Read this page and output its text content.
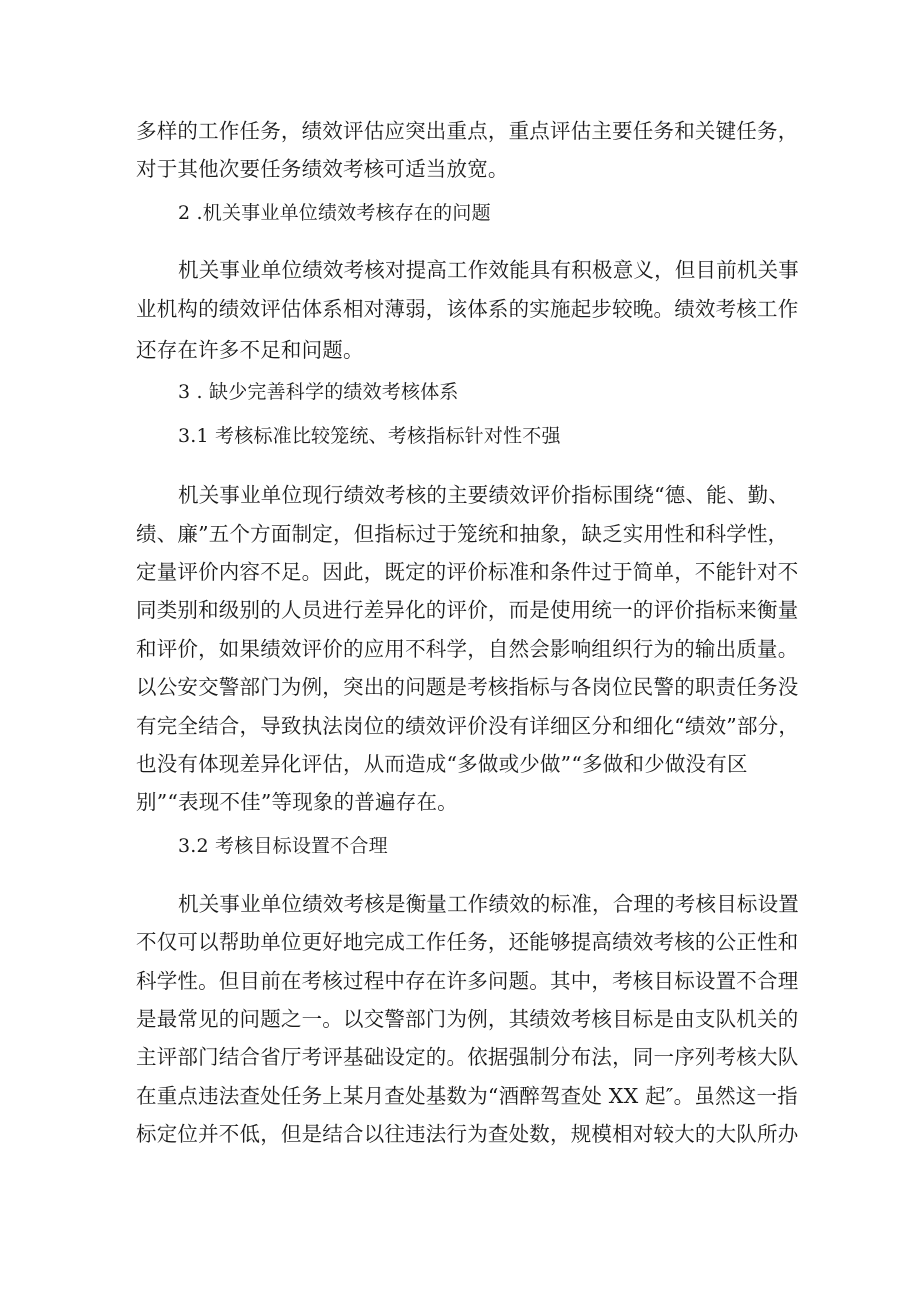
多样的工作任务，绩效评估应突出重点，重点评估主要任务和关键任务，
对于其他次要任务绩效考核可适当放宽。
2 .机关事业单位绩效考核存在的问题
机关事业单位绩效考核对提高工作效能具有积极意义，但目前机关事
业机构的绩效评估体系相对薄弱，该体系的实施起步较晚。绩效考核工作
还存在许多不足和问题。
3 . 缺少完善科学的绩效考核体系
3.1 考核标准比较笼统、考核指标针对性不强
机关事业单位现行绩效考核的主要绩效评价指标围绕“德、能、勤、
绩、廉”五个方面制定，但指标过于笼统和抽象，缺乏实用性和科学性，
定量评价内容不足。因此，既定的评价标准和条件过于简单，不能针对不
同类别和级别的人员进行差异化的评价，而是使用统一的评价指标来衡量
和评价，如果绩效评价的应用不科学，自然会影响组织行为的输出质量。
以公安交警部门为例，突出的问题是考核指标与各岗位民警的职责任务没
有完全结合，导致执法岗位的绩效评价没有详细区分和细化“绩效”部分，
也没有体现差异化评估，从而造成“多做或少做”“多做和少做没有区
别”“表现不佳”等现象的普遍存在。
3.2 考核目标设置不合理
机关事业单位绩效考核是衡量工作绩效的标准，合理的考核目标设置
不仅可以帮助单位更好地完成工作任务，还能够提高绩效考核的公正性和
科学性。但目前在考核过程中存在许多问题。其中，考核目标设置不合理
是最常见的问题之一。以交警部门为例，其绩效考核目标是由支队机关的
主评部门结合省厅考评基础设定的。依据强制分布法，同一序列考核大队
在重点违法查处任务上某月查处基数为“酒醉驾查处 XX 起″。虽然这一指
标定位并不低，但是结合以往违法行为查处数，规模相对较大的大队所办
